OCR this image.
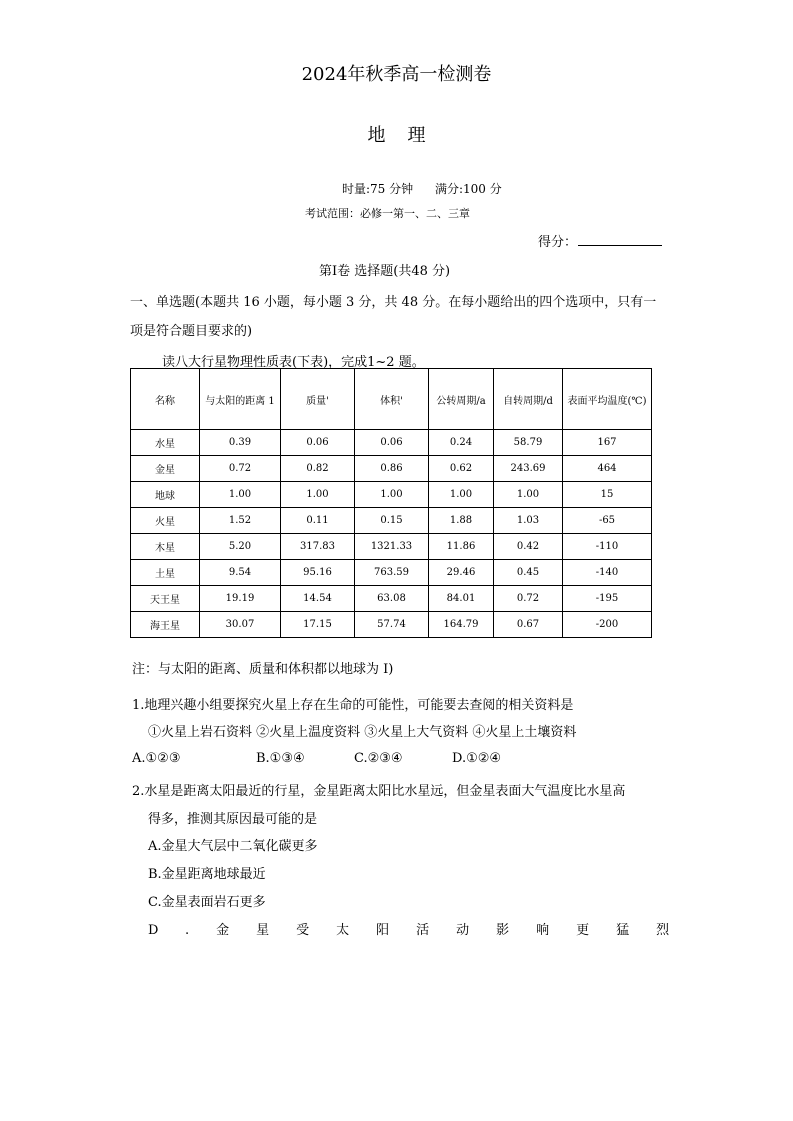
2024年秋季高一检测卷
地理
时量:75 分钟 满分:100 分
考试范围：必修一第一、二、三章
得分：
第Ⅰ卷 选择题(共48 分)
一、单选题(本题共 16 小题，每小题 3 分，共 48 分。在每小题给出的四个选项中，只有一
项是符合题目要求的)
读八大行星物理性质表(下表)，完成1~2 题。
名称	与太阳的距离 1	质量'	体积'	公转周期/a	自转周期/d	表面平均温度(℃)
水星	0.39	0.06	0.06	0.24	58.79	167
金星	0.72	0.82	0.86	0.62	243.69	464
地球	1.00	1.00	1.00	1.00	1.00	15
火星	1.52	0.11	0.15	1.88	1.03	-65
木星	5.20	317.83	1321.33	11.86	0.42	-110
土星	9.54	95.16	763.59	29.46	0.45	-140
天王星	19.19	14.54	63.08	84.01	0.72	-195
海王星	30.07	17.15	57.74	164.79	0.67	-200
注：与太阳的距离、质量和体积都以地球为 I)
1.地理兴趣小组要探究火星上存在生命的可能性，可能要去查阅的相关资料是
①火星上岩石资料 ②火星上温度资料 ③火星上大气资料 ④火星上土壤资料
A.①②③	B.①③④	C.②③④	D.①②④
2.水星是距离太阳最近的行星，金星距离太阳比水星远，但金星表面大气温度比水星高
得多，推测其原因最可能的是
A.金星大气层中二氧化碳更多
B.金星距离地球最近
C.金星表面岩石更多
D.金星受太阳活动影响更猛烈
